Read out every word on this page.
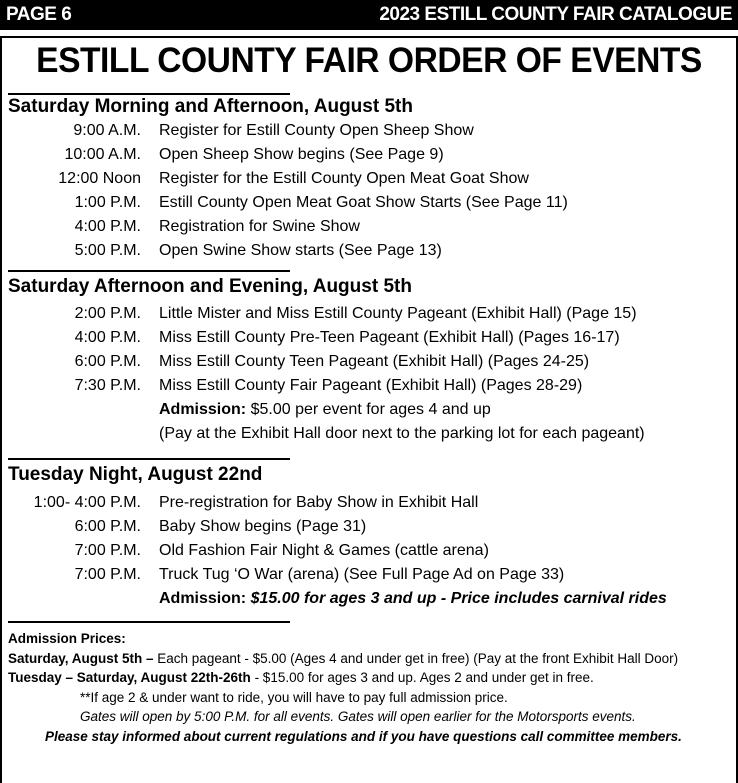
PAGE 6	2023 ESTILL COUNTY FAIR CATALOGUE
ESTILL COUNTY FAIR ORDER OF EVENTS
Saturday Morning and Afternoon, August 5th
9:00 A.M.	Register for Estill County Open Sheep Show
10:00 A.M.	Open Sheep Show begins (See Page 9)
12:00 Noon	Register for the Estill County Open Meat Goat Show
1:00 P.M.	Estill County Open Meat Goat Show Starts (See Page 11)
4:00 P.M.	Registration for Swine Show
5:00 P.M.	Open Swine Show starts (See Page 13)
Saturday Afternoon and Evening, August 5th
2:00 P.M.	Little Mister and Miss Estill County Pageant (Exhibit Hall) (Page 15)
4:00 P.M.	Miss Estill County Pre-Teen Pageant (Exhibit Hall) (Pages 16-17)
6:00 P.M.	Miss Estill County Teen Pageant (Exhibit Hall) (Pages 24-25)
7:30 P.M.	Miss Estill County Fair Pageant (Exhibit Hall) (Pages 28-29)
Admission: $5.00 per event for ages 4 and up
(Pay at the Exhibit Hall door next to the parking lot for each pageant)
Tuesday Night, August 22nd
1:00- 4:00 P.M.	Pre-registration for Baby Show in Exhibit Hall
6:00 P.M.	Baby Show begins (Page 31)
7:00 P.M.	Old Fashion Fair Night & Games (cattle arena)
7:00 P.M.	Truck Tug ‘O War (arena) (See Full Page Ad on Page 33)
Admission: $15.00 for ages 3 and up - Price includes carnival rides
Admission Prices:
Saturday, August 5th – Each pageant - $5.00 (Ages 4 and under get in free) (Pay at the front Exhibit Hall Door)
Tuesday – Saturday, August 22th-26th - $15.00 for ages 3 and up. Ages 2 and under get in free.
**If age 2 & under want to ride, you will have to pay full admission price.
Gates will open by 5:00 P.M. for all events. Gates will open earlier for the Motorsports events.
Please stay informed about current regulations and if you have questions call committee members.
